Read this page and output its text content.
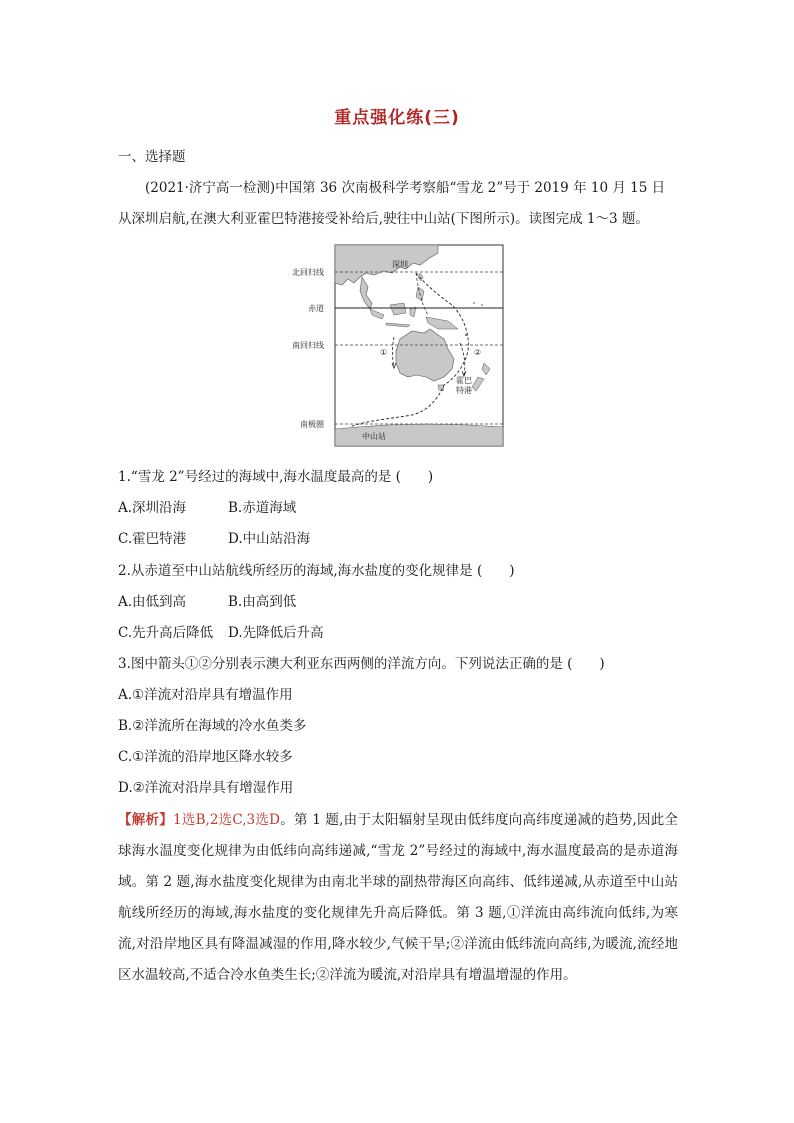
重点强化练(三)
一、选择题
(2021·济宁高一检测)中国第 36 次南极科学考察船“雪龙 2”号于 2019 年 10 月 15 日
从深圳启航,在澳大利亚霍巴特港接受补给后,驶往中山站(下图所示)。读图完成 1～3 题。
深圳
①	②
霍巴
特港
中山站
北回归线
赤道
南回归线
南极圈
1.“雪龙 2”号经过的海域中,海水温度最高的是 (　　)
A.深圳沿海	B.赤道海域
C.霍巴特港	D.中山站沿海
2.从赤道至中山站航线所经历的海域,海水盐度的变化规律是 (　　)
A.由低到高	B.由高到低
C.先升高后降低 D.先降低后升高
3.图中箭头①②分别表示澳大利亚东西两侧的洋流方向。下列说法正确的是 (　　)
A.①洋流对沿岸具有增温作用
B.②洋流所在海域的冷水鱼类多
C.①洋流的沿岸地区降水较多
D.②洋流对沿岸具有增湿作用
【解析】1选B,2选C,3选D。第 1 题,由于太阳辐射呈现由低纬度向高纬度递减的趋势,因此全球海水温度变化规律为由低纬向高纬递减,“雪龙 2”号经过的海域中,海水温度最高的是赤道海域。第 2 题,海水盐度变化规律为由南北半球的副热带海区向高纬、低纬递减,从赤道至中山站航线所经历的海域,海水盐度的变化规律先升高后降低。第 3 题,①洋流由高纬流向低纬,为寒流,对沿岸地区具有降温减湿的作用,降水较少,气候干旱;②洋流由低纬流向高纬,为暖流,流经地区水温较高,不适合冷水鱼类生长;②洋流为暖流,对沿岸具有增温增湿的作用。
